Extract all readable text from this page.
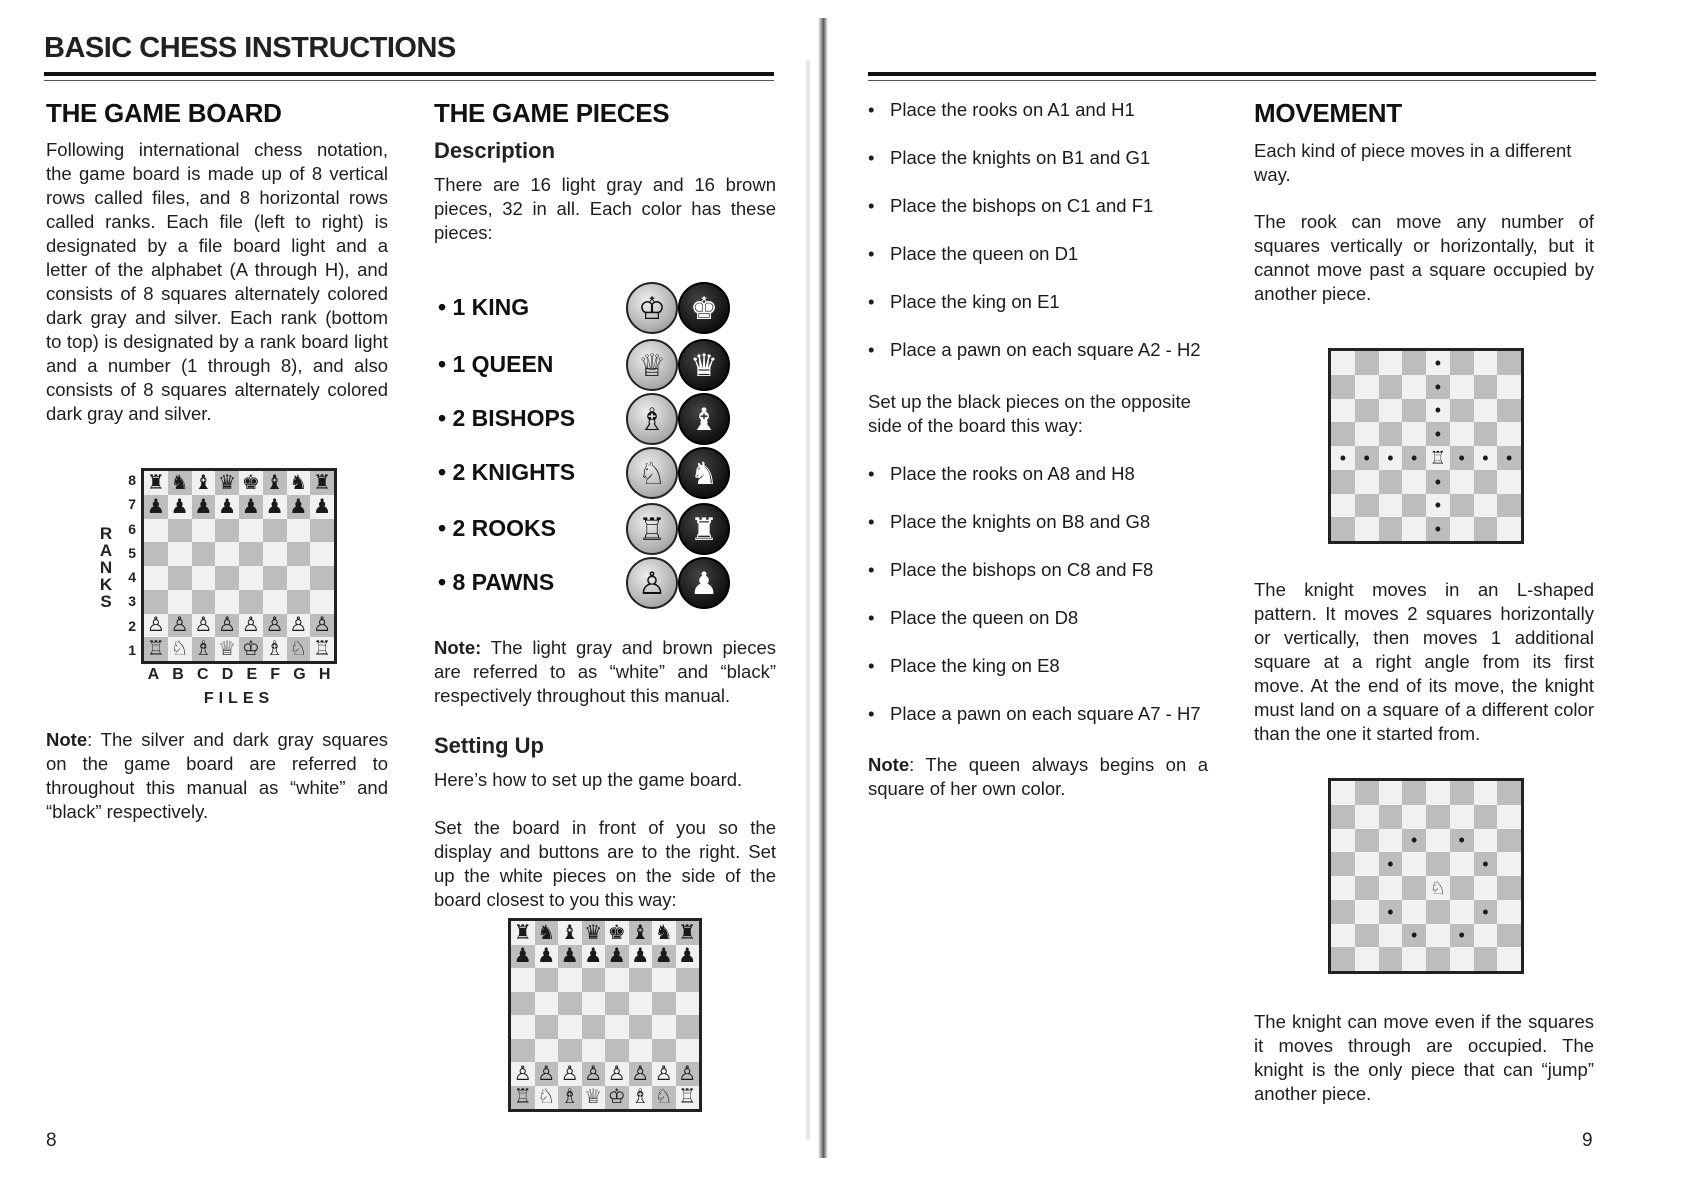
BASIC CHESS INSTRUCTIONS
THE GAME BOARD
Following international chess notation, the game board is made up of 8 vertical rows called files, and 8 horizontal rows called ranks. Each file (left to right) is designated by a file board light and a letter of the alphabet (A through H), and consists of 8 squares alternately colored dark gray and silver. Each rank (bottom to top) is designated by a rank board light and a number (1 through 8), and also consists of 8 squares alternately colored dark gray and silver.
R
A
N
K
S
8
7
6
5
4
3
2
1
♜ ♞ ♝ ♛ ♚ ♝ ♞ ♜
♟ ♟ ♟ ♟ ♟ ♟ ♟ ♟
♙ ♙ ♙ ♙ ♙ ♙ ♙ ♙
♖ ♘ ♗ ♕ ♔ ♗ ♘ ♖
A B C D E F G H
FILES
Note: The silver and dark gray squares on the game board are referred to throughout this manual as “white” and “black” respectively.
8
THE GAME PIECES
Description
There are 16 light gray and 16 brown pieces, 32 in all. Each color has these pieces:
• 1 KING	♔ ♚
• 1 QUEEN	♕ ♛
• 2 BISHOPS	♗ ♝
• 2 KNIGHTS	♘ ♞
• 2 ROOKS	♖ ♜
• 8 PAWNS	♙ ♟
Note: The light gray and brown pieces are referred to as “white” and “black” respectively throughout this manual.
Setting Up
Here’s how to set up the game board.
Set the board in front of you so the display and buttons are to the right. Set up the white pieces on the side of the board closest to you this way:
♜ ♞ ♝ ♛ ♚ ♝ ♞ ♜
♟ ♟ ♟ ♟ ♟ ♟ ♟ ♟
♙ ♙ ♙ ♙ ♙ ♙ ♙ ♙
♖ ♘ ♗ ♕ ♔ ♗ ♘ ♖
• Place the rooks on A1 and H1
• Place the knights on B1 and G1
• Place the bishops on C1 and F1
• Place the queen on D1
• Place the king on E1
• Place a pawn on each square A2 - H2
Set up the black pieces on the opposite side of the board this way:
• Place the rooks on A8 and H8
• Place the knights on B8 and G8
• Place the bishops on C8 and F8
• Place the queen on D8
• Place the king on E8
• Place a pawn on each square A7 - H7
Note: The queen always begins on a square of her own color.
MOVEMENT
Each kind of piece moves in a different way.
The rook can move any number of squares vertically or horizontally, but it cannot move past a square occupied by another piece.
•
•
•
•
• • • • ♖ • • •
•
•
•
The knight moves in an L-shaped pattern. It moves 2 squares horizontally or vertically, then moves 1 additional square at a right angle from its first move. At the end of its move, the knight must land on a square of a different color than the one it started from.
•	•
•	•
♘
•	•
•	•
The knight can move even if the squares it moves through are occupied. The knight is the only piece that can “jump” another piece.
9
